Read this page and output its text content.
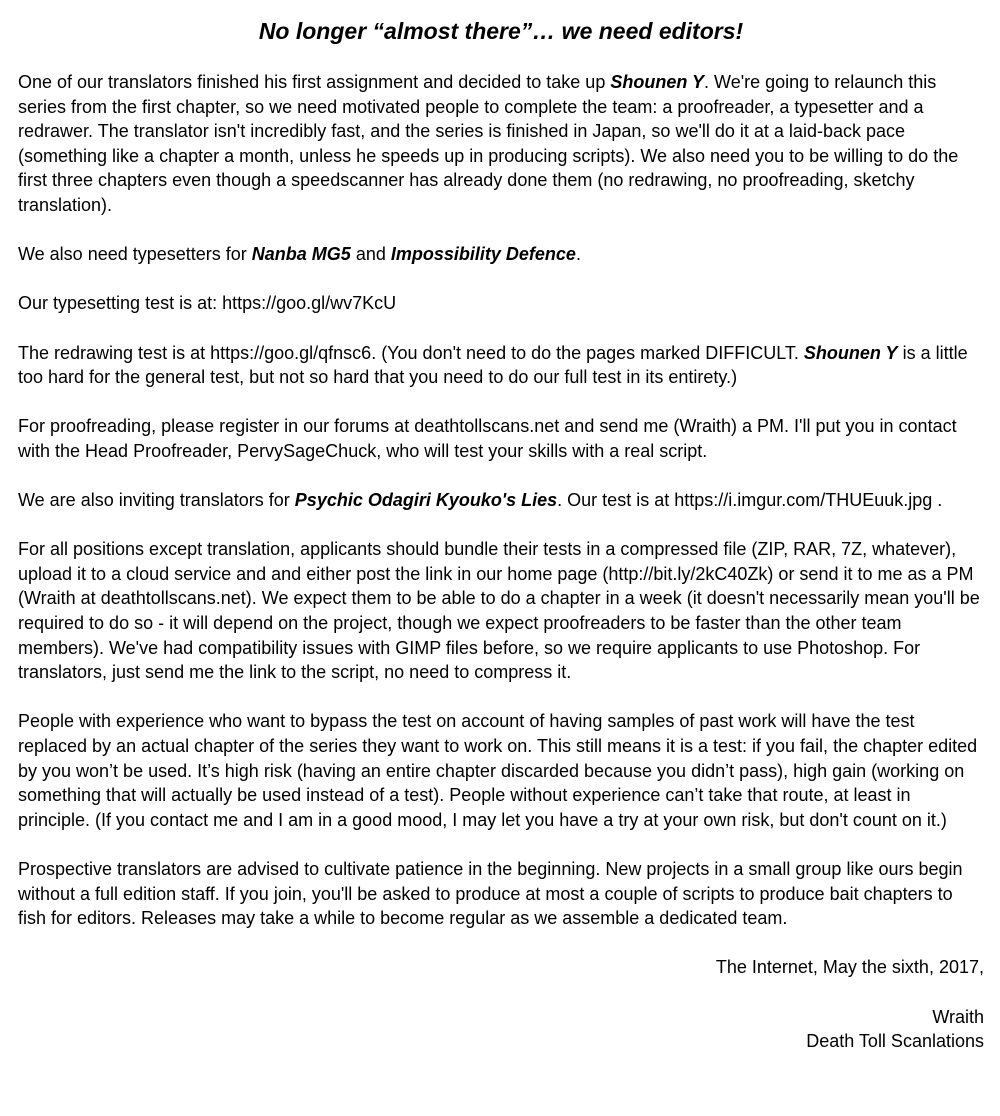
No longer “almost there”… we need editors!
One of our translators finished his first assignment and decided to take up Shounen Y. We're going to relaunch this series from the first chapter, so we need motivated people to complete the team: a proofreader, a typesetter and a redrawer. The translator isn't incredibly fast, and the series is finished in Japan, so we'll do it at a laid-back pace (something like a chapter a month, unless he speeds up in producing scripts). We also need you to be willing to do the first three chapters even though a speedscanner has already done them (no redrawing, no proofreading, sketchy translation).
We also need typesetters for Nanba MG5 and Impossibility Defence.
Our typesetting test is at: https://goo.gl/wv7KcU
The redrawing test is at https://goo.gl/qfnsc6. (You don't need to do the pages marked DIFFICULT. Shounen Y is a little too hard for the general test, but not so hard that you need to do our full test in its entirety.)
For proofreading, please register in our forums at deathtollscans.net and send me (Wraith) a PM. I'll put you in contact with the Head Proofreader, PervySageChuck, who will test your skills with a real script.
We are also inviting translators for Psychic Odagiri Kyouko's Lies. Our test is at https://i.imgur.com/THUEuuk.jpg .
For all positions except translation, applicants should bundle their tests in a compressed file (ZIP, RAR, 7Z, whatever), upload it to a cloud service and and either post the link in our home page (http://bit.ly/2kC40Zk) or send it to me as a PM (Wraith at deathtollscans.net). We expect them to be able to do a chapter in a week (it doesn't necessarily mean you'll be required to do so - it will depend on the project, though we expect proofreaders to be faster than the other team members). We've had compatibility issues with GIMP files before, so we require applicants to use Photoshop. For translators, just send me the link to the script, no need to compress it.
People with experience who want to bypass the test on account of having samples of past work will have the test replaced by an actual chapter of the series they want to work on. This still means it is a test: if you fail, the chapter edited by you won’t be used. It’s high risk (having an entire chapter discarded because you didn’t pass), high gain (working on something that will actually be used instead of a test). People without experience can’t take that route, at least in principle. (If you contact me and I am in a good mood, I may let you have a try at your own risk, but don't count on it.)
Prospective translators are advised to cultivate patience in the beginning. New projects in a small group like ours begin without a full edition staff. If you join, you'll be asked to produce at most a couple of scripts to produce bait chapters to fish for editors. Releases may take a while to become regular as we assemble a dedicated team.
The Internet, May the sixth, 2017,
Wraith
Death Toll Scanlations
